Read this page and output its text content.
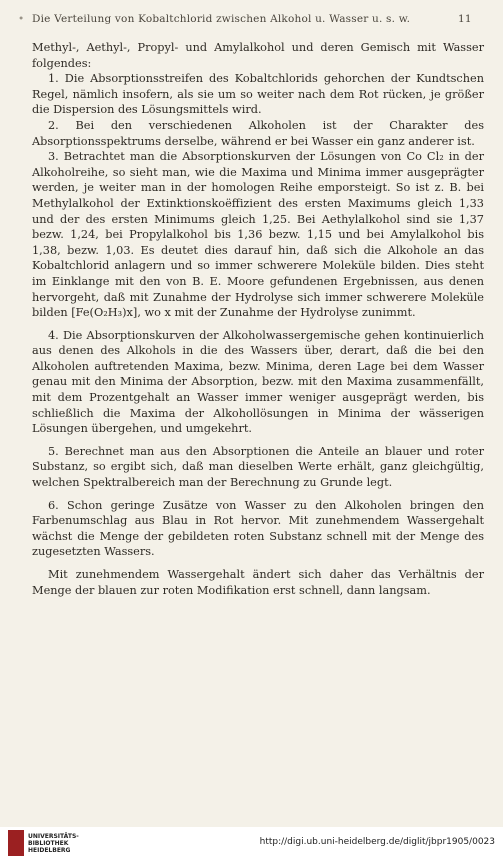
• Die Verteilung von Kobaltchlorid zwischen Alkohol u. Wasser u. s. w.	11

Methyl-, Aethyl-, Propyl- und Amylalkohol und deren Gemisch mit Wasser folgendes:

1. Die Absorptionsstreifen des Kobaltchlorids gehorchen der Kundtschen Regel, nämlich insofern, als sie um so weiter nach dem Rot rücken, je größer die Dispersion des Lösungsmittels wird.

2. Bei den verschiedenen Alkoholen ist der Charakter des Absorptionsspektrums derselbe, während er bei Wasser ein ganz anderer ist.

3. Betrachtet man die Absorptionskurven der Lösungen von Co Cl₂ in der Alkoholreihe, so sieht man, wie die Maxima und Minima immer ausgeprägter werden, je weiter man in der homologen Reihe emporsteigt. So ist z. B. bei Methylalkohol der Extinktionskoëffizient des ersten Maximums gleich 1,33 und der des ersten Minimums gleich 1,25. Bei Aethylalkohol sind sie 1,37 bezw. 1,24, bei Propylalkohol bis 1,36 bezw. 1,15 und bei Amylalkohol bis 1,38, bezw. 1,03. Es deutet dies darauf hin, daß sich die Alkohole an das Kobaltchlorid anlagern und so immer schwerere Moleküle bilden. Dies steht im Einklange mit den von B. E. Moore gefundenen Ergebnissen, aus denen hervorgeht, daß mit Zunahme der Hydrolyse sich immer schwerere Moleküle bilden [Fe(O₂H₃)x], wo x mit der Zunahme der Hydrolyse zunimmt.

4. Die Absorptionskurven der Alkoholwassergemische gehen kontinuierlich aus denen des Alkohols in die des Wassers über, derart, daß die bei den Alkoholen auftretenden Maxima, bezw. Minima, deren Lage bei dem Wasser genau mit den Minima der Absorption, bezw. mit den Maxima zusammenfällt, mit dem Prozentgehalt an Wasser immer weniger ausgeprägt werden, bis schließlich die Maxima der Alkohollösungen in Minima der wässerigen Lösungen übergehen, und umgekehrt.

5. Berechnet man aus den Absorptionen die Anteile an blauer und roter Substanz, so ergibt sich, daß man dieselben Werte erhält, ganz gleichgültig, welchen Spektralbereich man der Berechnung zu Grunde legt.

6. Schon geringe Zusätze von Wasser zu den Alkoholen bringen den Farbenumschlag aus Blau in Rot hervor. Mit zunehmendem Wassergehalt wächst die Menge der gebildeten roten Substanz schnell mit der Menge des zugesetzten Wassers.

Mit zunehmendem Wassergehalt ändert sich daher das Verhältnis der Menge der blauen zur roten Modifikation erst schnell, dann langsam.

UNIVERSITÄTS-
BIBLIOTHEK
HEIDELBERG
http://digi.ub.uni-heidelberg.de/diglit/jbpr1905/0023
